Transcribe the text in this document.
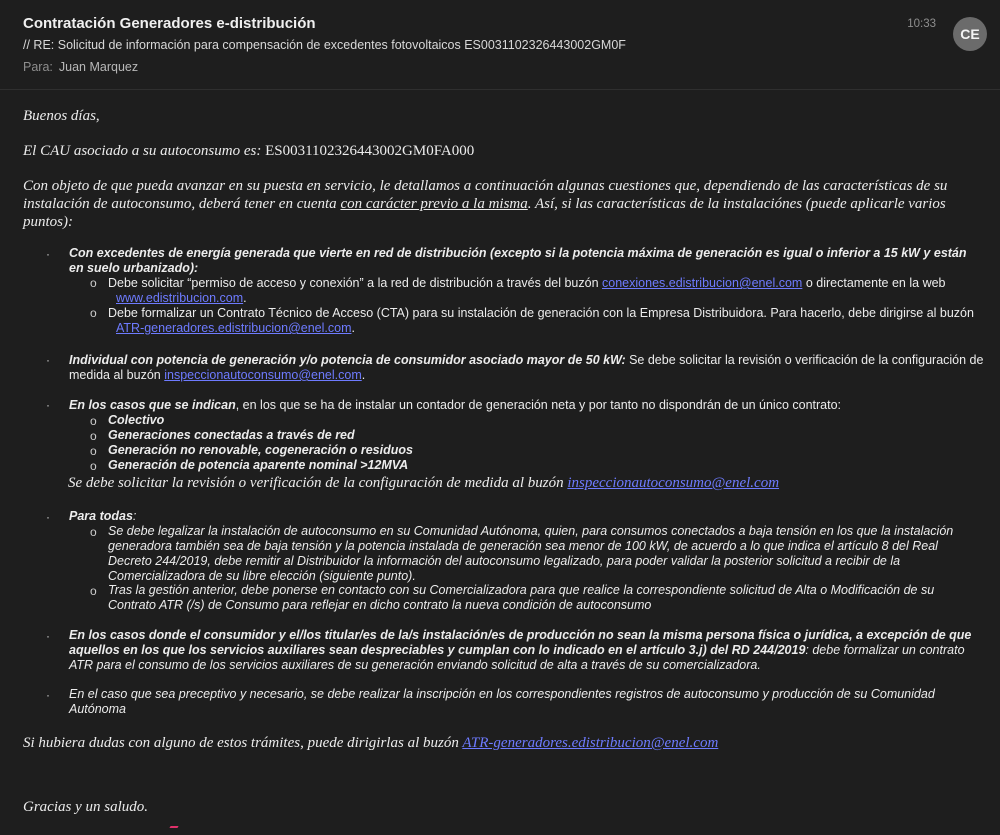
Contratación Generadores e-distribución
// RE: Solicitud de información para compensación de excedentes fotovoltaicos ES0031102326443002GM0F
Para: Juan Marquez
10:33
CE
Buenos días,
El CAU asociado a su autoconsumo es: ES0031102326443002GM0FA000
Con objeto de que pueda avanzar en su puesta en servicio, le detallamos a continuación algunas cuestiones que, dependiendo de las características de su instalación de autoconsumo, deberá tener en cuenta con carácter previo a la misma. Así, si las características de la instalaciónes (puede aplicarle varios puntos):
· Con excedentes de energía generada que vierte en red de distribución (excepto si la potencia máxima de generación es igual o inferior a 15 kW y están en suelo urbanizado):
o Debe solicitar “permiso de acceso y conexión” a la red de distribución a través del buzón conexiones.edistribucion@enel.com o directamente en la web
www.edistribucion.com.
o Debe formalizar un Contrato Técnico de Acceso (CTA) para su instalación de generación con la Empresa Distribuidora. Para hacerlo, debe dirigirse al buzón
ATR-generadores.edistribucion@enel.com.
· Individual con potencia de generación y/o potencia de consumidor asociado mayor de 50 kW: Se debe solicitar la revisión o verificación de la configuración de medida al buzón inspeccionautoconsumo@enel.com.
· En los casos que se indican, en los que se ha de instalar un contador de generación neta y por tanto no dispondrán de un único contrato:
o Colectivo
o Generaciones conectadas a través de red
o Generación no renovable, cogeneración o residuos
o Generación de potencia aparente nominal >12MVA
Se debe solicitar la revisión o verificación de la configuración de medida al buzón inspeccionautoconsumo@enel.com
· Para todas:
o Se debe legalizar la instalación de autoconsumo en su Comunidad Autónoma, quien, para consumos conectados a baja tensión en los que la instalación generadora también sea de baja tensión y la potencia instalada de generación sea menor de 100 kW, de acuerdo a lo que indica el artículo 8 del Real Decreto 244/2019, debe remitir al Distribuidor la información del autoconsumo legalizado, para poder validar la posterior solicitud a recibir de la Comercializadora de su libre elección (siguiente punto).
o Tras la gestión anterior, debe ponerse en contacto con su Comercializadora para que realice la correspondiente solicitud de Alta o Modificación de su Contrato ATR (/s) de Consumo para reflejar en dicho contrato la nueva condición de autoconsumo
· En los casos donde el consumidor y el/los titular/es de la/s instalación/es de producción no sean la misma persona física o jurídica, a excepción de que aquellos en los que los servicios auxiliares sean despreciables y cumplan con lo indicado en el artículo 3.j) del RD 244/2019: debe formalizar un contrato ATR para el consumo de los servicios auxiliares de su generación enviando solicitud de alta a través de su comercializadora.
· En el caso que sea preceptivo y necesario, se debe realizar la inscripción en los correspondientes registros de autoconsumo y producción de su Comunidad Autónoma
Si hubiera dudas con alguno de estos trámites, puede dirigirlas al buzón ATR-generadores.edistribucion@enel.com
Gracias y un saludo.
